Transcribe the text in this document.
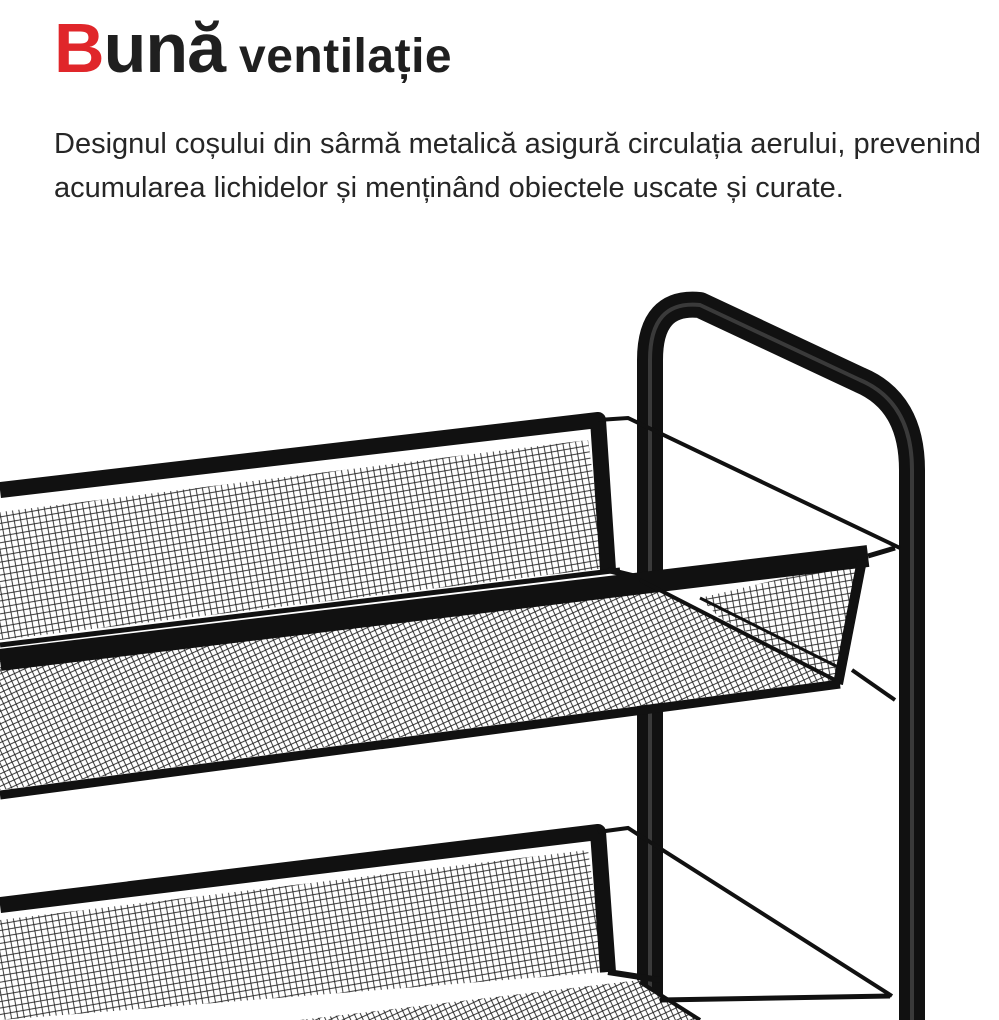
Bună ventilație

Designul coșului din sârmă metalică asigură circulația aerului, prevenind acumularea lichidelor și menținând obiectele uscate și curate.
